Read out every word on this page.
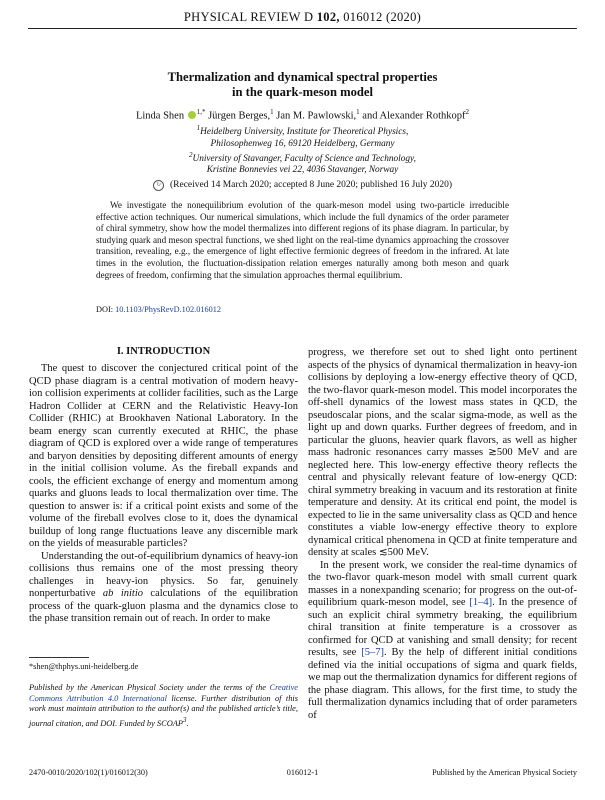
PHYSICAL REVIEW D 102, 016012 (2020)
Thermalization and dynamical spectral properties
in the quark-meson model
Linda Shen $^{1,*}$ Jürgen Berges,$^1$ Jan M. Pawlowski,$^1$ and Alexander Rothkopf$^2$
$^1$Heidelberg University, Institute for Theoretical Physics,
Philosophenweg 16, 69120 Heidelberg, Germany
$^2$University of Stavanger, Faculty of Science and Technology,
Kristine Bonnevies vei 22, 4036 Stavanger, Norway
↻ (Received 14 March 2020; accepted 8 June 2020; published 16 July 2020)
We investigate the nonequilibrium evolution of the quark-meson model using two-particle irreducible effective action techniques. Our numerical simulations, which include the full dynamics of the order parameter of chiral symmetry, show how the model thermalizes into different regions of its phase diagram. In particular, by studying quark and meson spectral functions, we shed light on the real-time dynamics approaching the crossover transition, revealing, e.g., the emergence of light effective fermionic degrees of freedom in the infrared. At late times in the evolution, the fluctuation-dissipation relation emerges naturally among both meson and quark degrees of freedom, confirming that the simulation approaches thermal equilibrium.
DOI: 10.1103/PhysRevD.102.016012
I. INTRODUCTION

The quest to discover the conjectured critical point of the QCD phase diagram is a central motivation of modern heavy-ion collision experiments at collider facilities, such as the Large Hadron Collider at CERN and the Relativistic Heavy-Ion Collider (RHIC) at Brookhaven National Laboratory. In the beam energy scan currently executed at RHIC, the phase diagram of QCD is explored over a wide range of temperatures and baryon densities by depositing different amounts of energy in the initial collision volume. As the fireball expands and cools, the efficient exchange of energy and momentum among quarks and gluons leads to local thermalization over time. The question to answer is: if a critical point exists and some of the volume of the fireball evolves close to it, does the dynamical buildup of long range fluctuations leave any discernible mark on the yields of measurable particles?

Understanding the out-of-equilibrium dynamics of heavy-ion collisions thus remains one of the most pressing theory challenges in heavy-ion physics. So far, genuinely nonperturbative ab initio calculations of the equilibration process of the quark-gluon plasma and the dynamics close to the phase transition remain out of reach. In order to make

*shen@thphys.uni-heidelberg.de
Published by the American Physical Society under the terms of the Creative Commons Attribution 4.0 International license. Further distribution of this work must maintain attribution to the author(s) and the published article’s title, journal citation, and DOI. Funded by SCOAP$^3$.

progress, we therefore set out to shed light onto pertinent aspects of the physics of dynamical thermalization in heavy-ion collisions by deploying a low-energy effective theory of QCD, the two-flavor quark-meson model. This model incorporates the off-shell dynamics of the lowest mass states in QCD, the pseudoscalar pions, and the scalar sigma-mode, as well as the light up and down quarks. Further degrees of freedom, and in particular the gluons, heavier quark flavors, as well as higher mass hadronic resonances carry masses ≳500 MeV and are neglected here. This low-energy effective theory reflects the central and physically relevant feature of low-energy QCD: chiral symmetry breaking in vacuum and its restoration at finite temperature and density. At its critical end point, the model is expected to lie in the same universality class as QCD and hence constitutes a viable low-energy effective theory to explore dynamical critical phenomena in QCD at finite temperature and density at scales ≲500 MeV.

In the present work, we consider the real-time dynamics of the two-flavor quark-meson model with small current quark masses in a nonexpanding scenario; for progress on the out-of-equilibrium quark-meson model, see [1–4]. In the presence of such an explicit chiral symmetry breaking, the equilibrium chiral transition at finite temperature is a crossover as confirmed for QCD at vanishing and small density; for recent results, see [5–7]. By the help of different initial conditions defined via the initial occupations of sigma and quark fields, we map out the thermalization dynamics for different regions of the phase diagram. This allows, for the first time, to study the full thermalization dynamics including that of order parameters of

2470-0010/2020/102(1)/016012(30)	016012-1	Published by the American Physical Society
